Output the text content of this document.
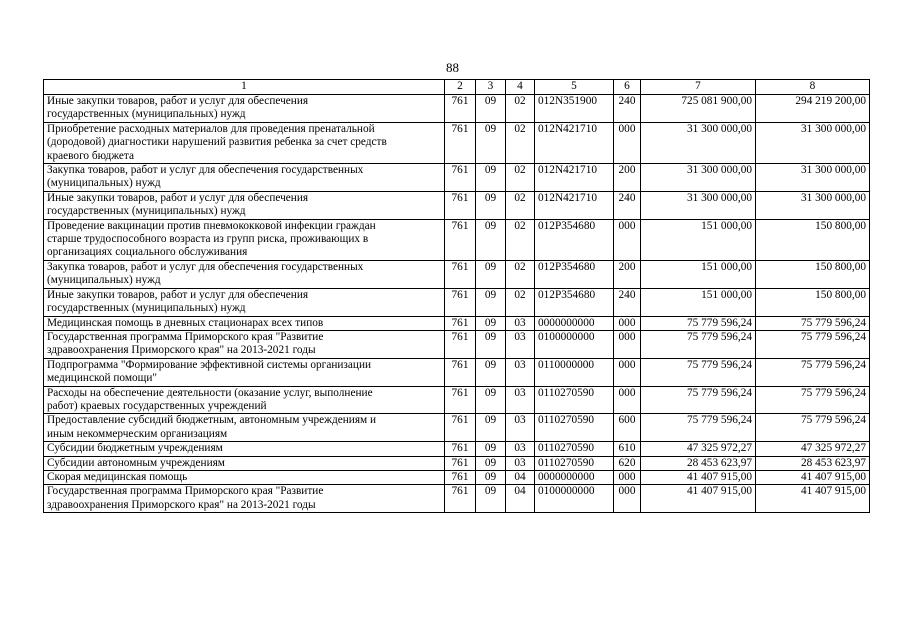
88
1	2	3	4	5	6	7	8
Иные закупки товаров, работ и услуг для обеспечения
государственных (муниципальных) нужд	761	09	02	012N351900	240	725 081 900,00	294 219 200,00
Приобретение расходных материалов для проведения пренатальной
(дородовой) диагностики нарушений развития ребенка за счет средств
краевого бюджета	761	09	02	012N421710	000	31 300 000,00	31 300 000,00
Закупка товаров, работ и услуг для обеспечения государственных
(муниципальных) нужд	761	09	02	012N421710	200	31 300 000,00	31 300 000,00
Иные закупки товаров, работ и услуг для обеспечения
государственных (муниципальных) нужд	761	09	02	012N421710	240	31 300 000,00	31 300 000,00
Проведение вакцинации против пневмококковой инфекции граждан
старше трудоспособного возраста из групп риска, проживающих в
организациях социального обслуживания	761	09	02	012P354680	000	151 000,00	150 800,00
Закупка товаров, работ и услуг для обеспечения государственных
(муниципальных) нужд	761	09	02	012P354680	200	151 000,00	150 800,00
Иные закупки товаров, работ и услуг для обеспечения
государственных (муниципальных) нужд	761	09	02	012P354680	240	151 000,00	150 800,00
Медицинская помощь в дневных стационарах всех типов	761	09	03	0000000000	000	75 779 596,24	75 779 596,24
Государственная программа Приморского края "Развитие
здравоохранения Приморского края" на 2013-2021 годы	761	09	03	0100000000	000	75 779 596,24	75 779 596,24
Подпрограмма "Формирование эффективной системы организации
медицинской помощи"	761	09	03	0110000000	000	75 779 596,24	75 779 596,24
Расходы на обеспечение деятельности (оказание услуг, выполнение
работ) краевых государственных учреждений	761	09	03	0110270590	000	75 779 596,24	75 779 596,24
Предоставление субсидий бюджетным, автономным учреждениям и
иным некоммерческим организациям	761	09	03	0110270590	600	75 779 596,24	75 779 596,24
Субсидии бюджетным учреждениям	761	09	03	0110270590	610	47 325 972,27	47 325 972,27
Субсидии автономным учреждениям	761	09	03	0110270590	620	28 453 623,97	28 453 623,97
Скорая медицинская помощь	761	09	04	0000000000	000	41 407 915,00	41 407 915,00
Государственная программа Приморского края "Развитие
здравоохранения Приморского края" на 2013-2021 годы	761	09	04	0100000000	000	41 407 915,00	41 407 915,00
